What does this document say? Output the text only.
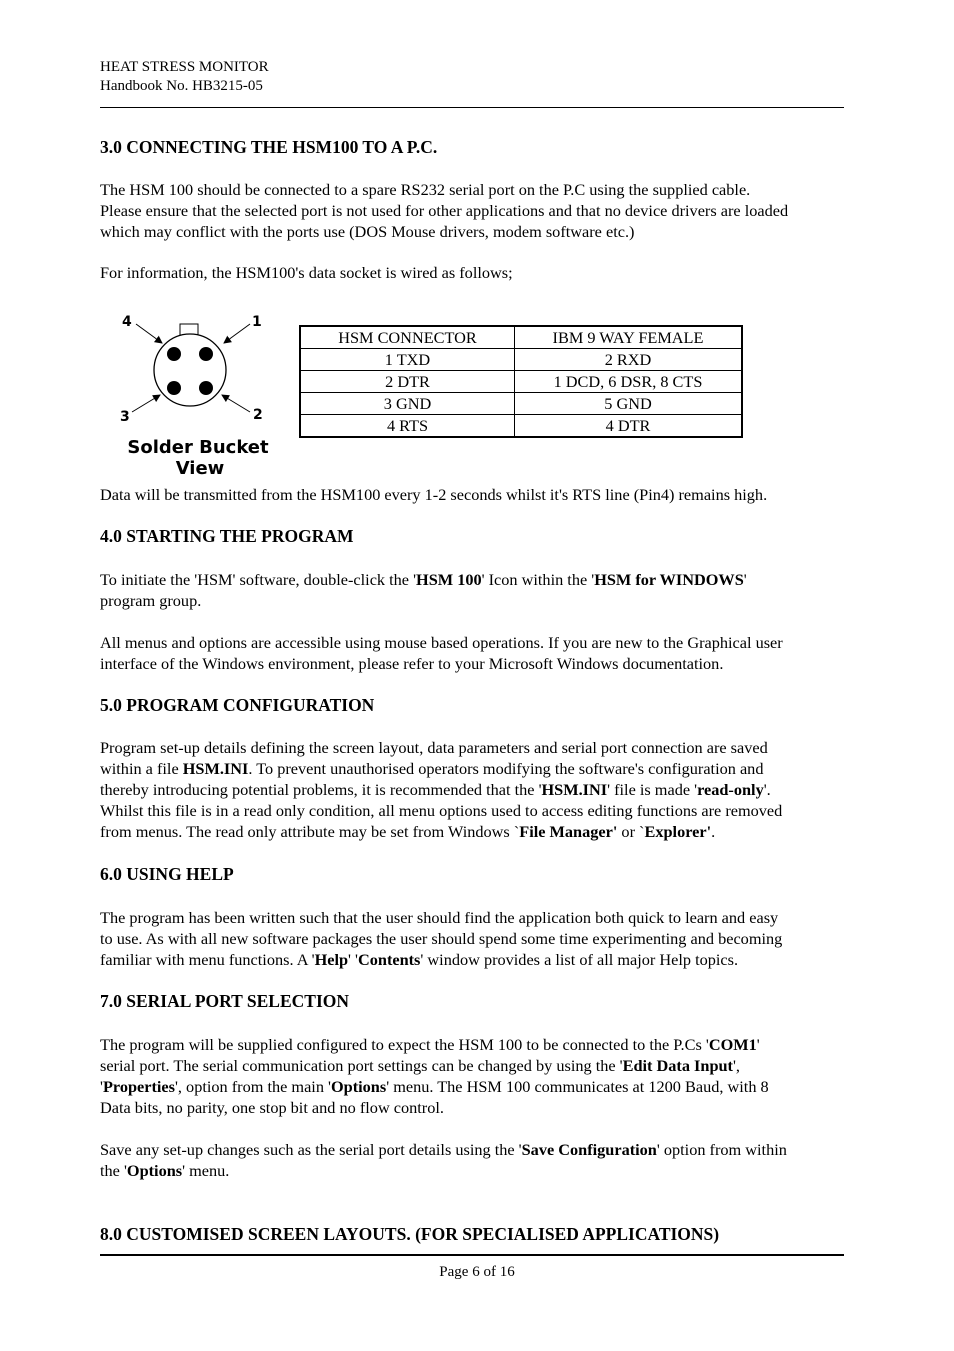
HEAT STRESS MONITOR
Handbook No. HB3215-05
3.0 CONNECTING THE HSM100 TO A P.C.
The HSM 100 should be connected to a spare RS232 serial port on the P.C using the supplied cable.
Please ensure that the selected port is not used for other applications and that no device drivers are loaded
which may conflict with the ports use (DOS Mouse drivers, modem software etc.)
For information, the HSM100's data socket is wired as follows;
4	1
3	2
Solder Bucket
View
HSM CONNECTOR	IBM 9 WAY FEMALE
1 TXD	2 RXD
2 DTR	1 DCD, 6 DSR, 8 CTS
3 GND	5 GND
4 RTS	4 DTR
Data will be transmitted from the HSM100 every 1-2 seconds whilst it's RTS line (Pin4) remains high.
4.0 STARTING THE PROGRAM
To initiate the 'HSM' software, double-click the 'HSM 100' Icon within the 'HSM for WINDOWS'
program group.
All menus and options are accessible using mouse based operations. If you are new to the Graphical user
interface of the Windows environment, please refer to your Microsoft Windows documentation.
5.0 PROGRAM CONFIGURATION
Program set-up details defining the screen layout, data parameters and serial port connection are saved
within a file HSM.INI. To prevent unauthorised operators modifying the software's configuration and
thereby introducing potential problems, it is recommended that the 'HSM.INI' file is made 'read-only'.
Whilst this file is in a read only condition, all menu options used to access editing functions are removed
from menus. The read only attribute may be set from Windows `File Manager' or `Explorer'.
6.0 USING HELP
The program has been written such that the user should find the application both quick to learn and easy
to use. As with all new software packages the user should spend some time experimenting and becoming
familiar with menu functions. A 'Help' 'Contents' window provides a list of all major Help topics.
7.0 SERIAL PORT SELECTION
The program will be supplied configured to expect the HSM 100 to be connected to the P.Cs 'COM1'
serial port. The serial communication port settings can be changed by using the 'Edit Data Input',
'Properties', option from the main 'Options' menu. The HSM 100 communicates at 1200 Baud, with 8
Data bits, no parity, one stop bit and no flow control.
Save any set-up changes such as the serial port details using the 'Save Configuration' option from within
the 'Options' menu.
8.0 CUSTOMISED SCREEN LAYOUTS. (FOR SPECIALISED APPLICATIONS)
Page 6 of 16
